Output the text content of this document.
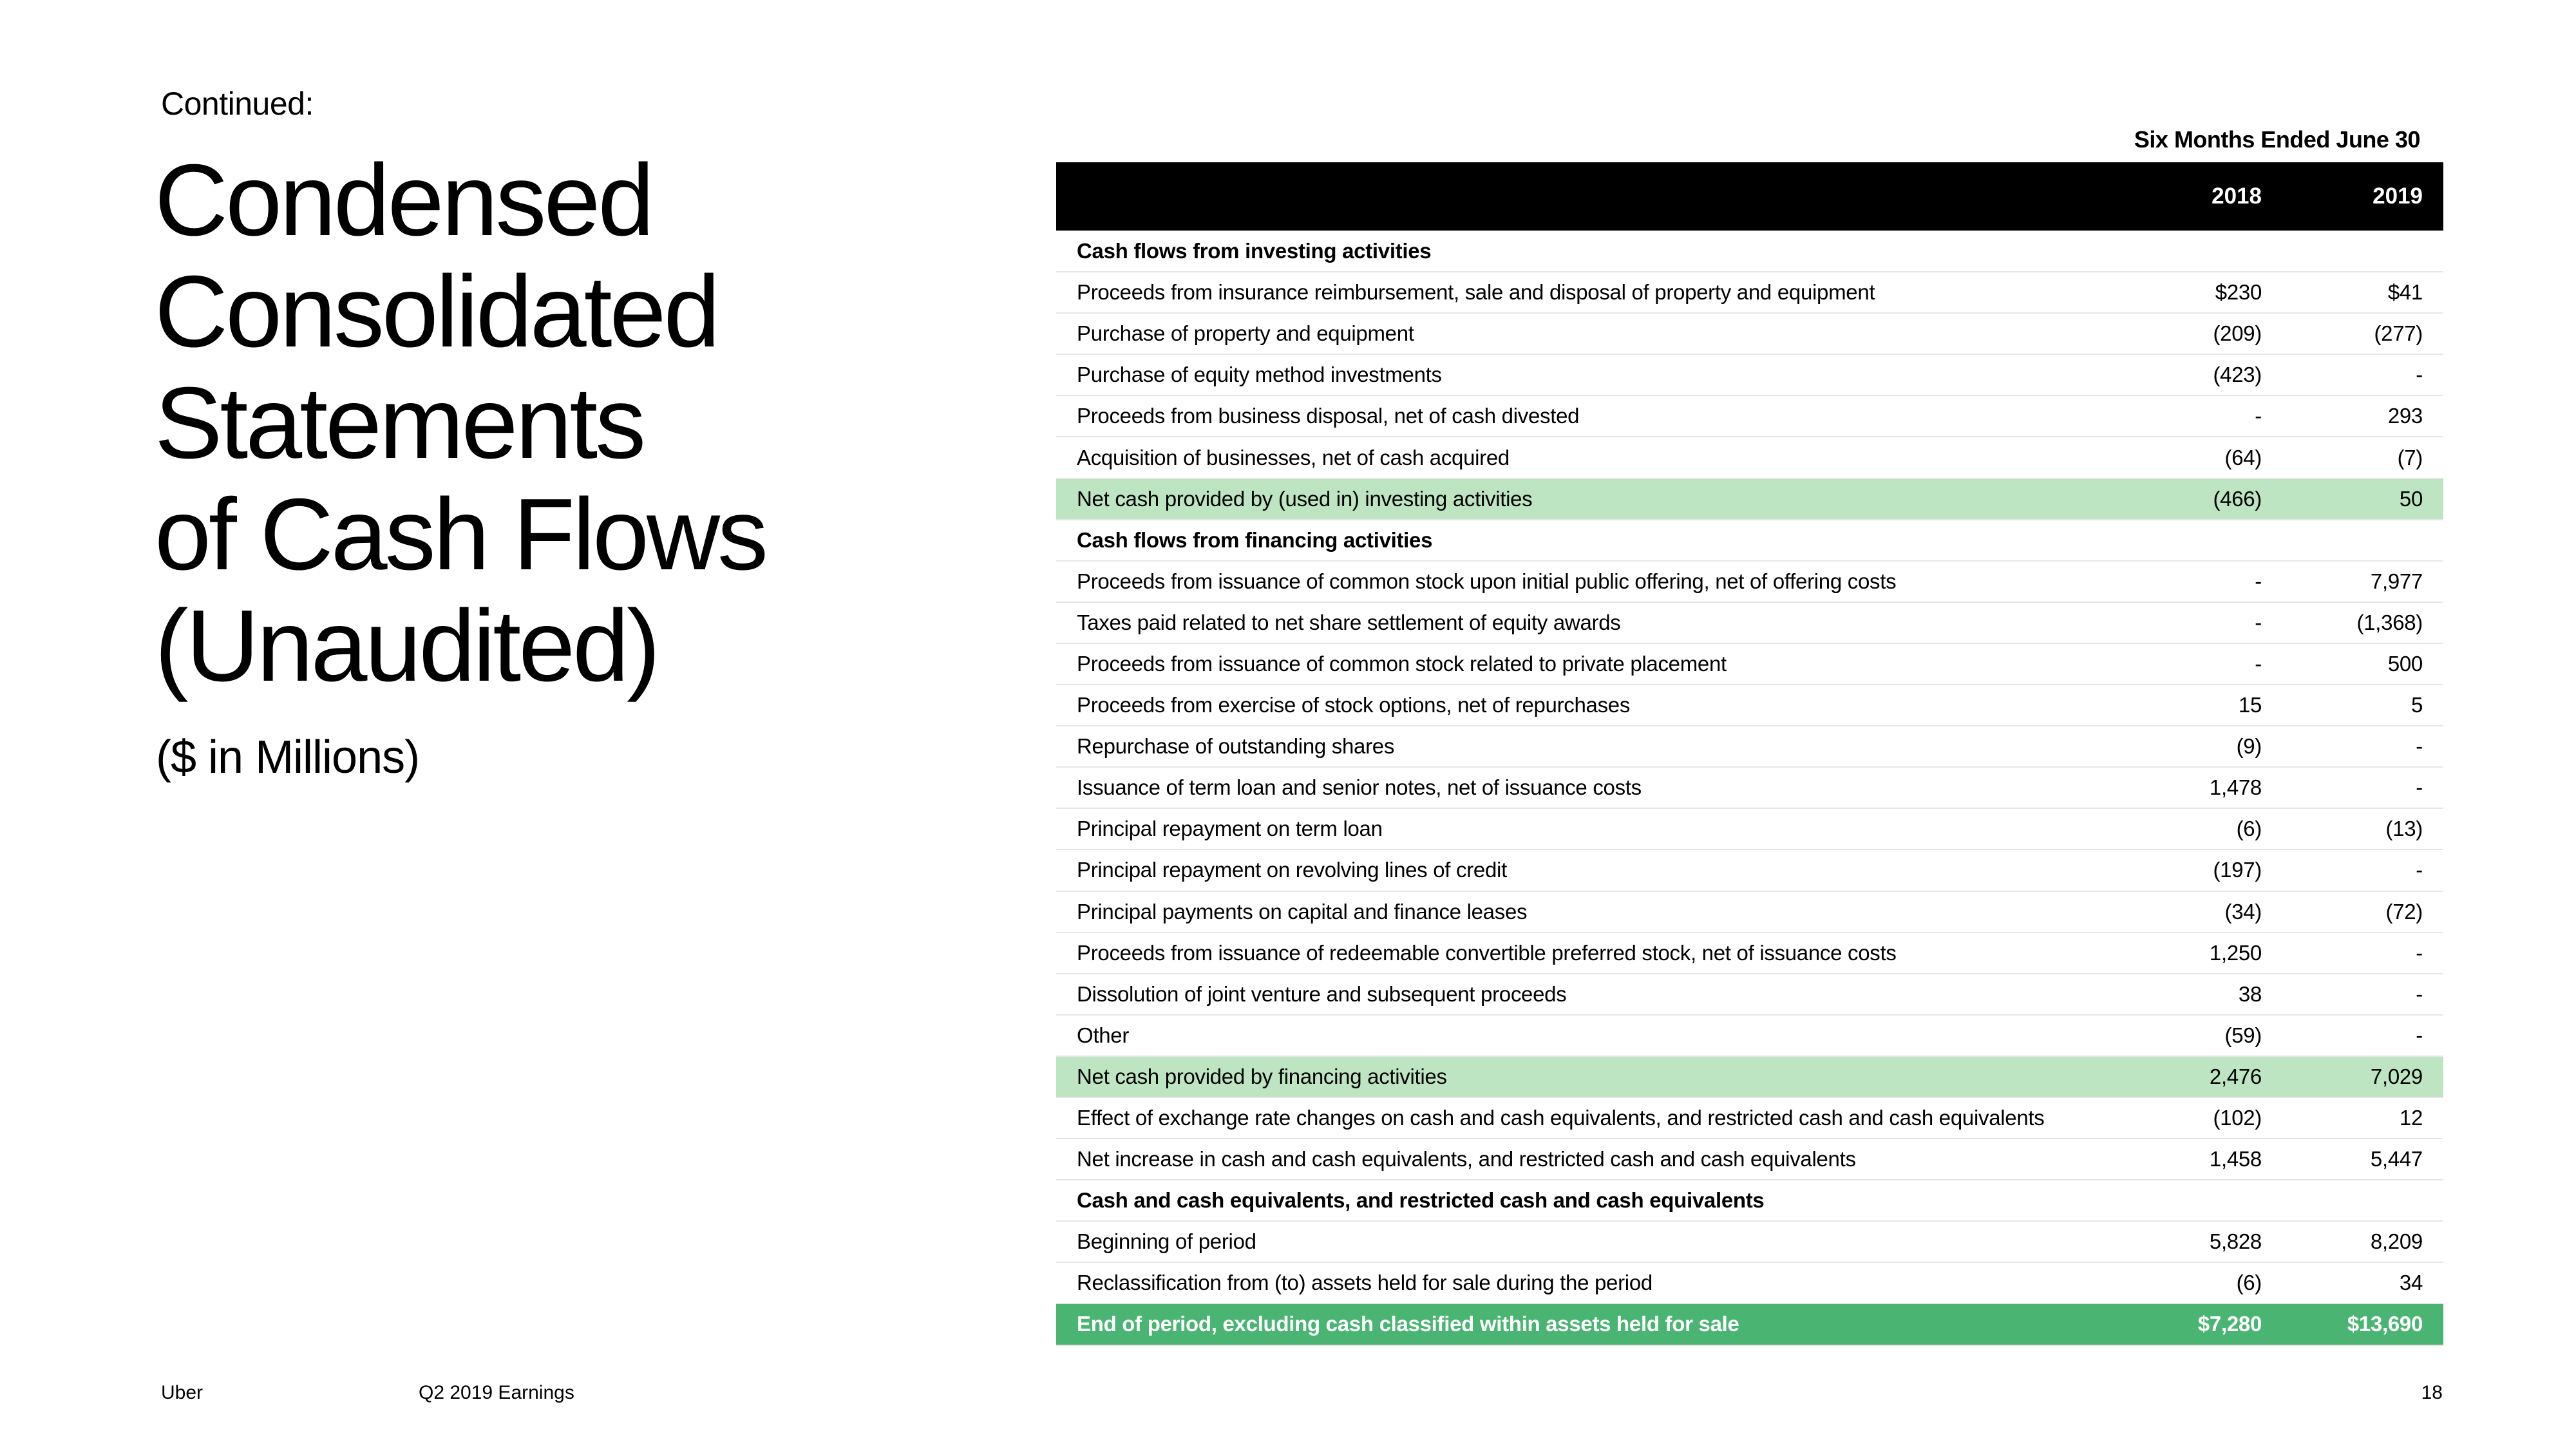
Continued:
Condensed
Consolidated
Statements
of Cash Flows
(Unaudited)
($ in Millions)
Six Months Ended June 30
	2018	2019
Cash flows from investing activities		
Proceeds from insurance reimbursement, sale and disposal of property and equipment	$230	$41
Purchase of property and equipment	(209)	(277)
Purchase of equity method investments	(423)	-
Proceeds from business disposal, net of cash divested	-	293
Acquisition of businesses, net of cash acquired	(64)	(7)
Net cash provided by (used in) investing activities	(466)	50
Cash flows from financing activities		
Proceeds from issuance of common stock upon initial public offering, net of offering costs	-	7,977
Taxes paid related to net share settlement of equity awards	-	(1,368)
Proceeds from issuance of common stock related to private placement	-	500
Proceeds from exercise of stock options, net of repurchases	15	5
Repurchase of outstanding shares	(9)	-
Issuance of term loan and senior notes, net of issuance costs	1,478	-
Principal repayment on term loan	(6)	(13)
Principal repayment on revolving lines of credit	(197)	-
Principal payments on capital and finance leases	(34)	(72)
Proceeds from issuance of redeemable convertible preferred stock, net of issuance costs	1,250	-
Dissolution of joint venture and subsequent proceeds	38	-
Other	(59)	-
Net cash provided by financing activities	2,476	7,029
Effect of exchange rate changes on cash and cash equivalents, and restricted cash and cash equivalents	(102)	12
Net increase in cash and cash equivalents, and restricted cash and cash equivalents	1,458	5,447
Cash and cash equivalents, and restricted cash and cash equivalents		
Beginning of period	5,828	8,209
Reclassification from (to) assets held for sale during the period	(6)	34
End of period, excluding cash classified within assets held for sale	$7,280	$13,690
Uber	Q2 2019 Earnings	18
